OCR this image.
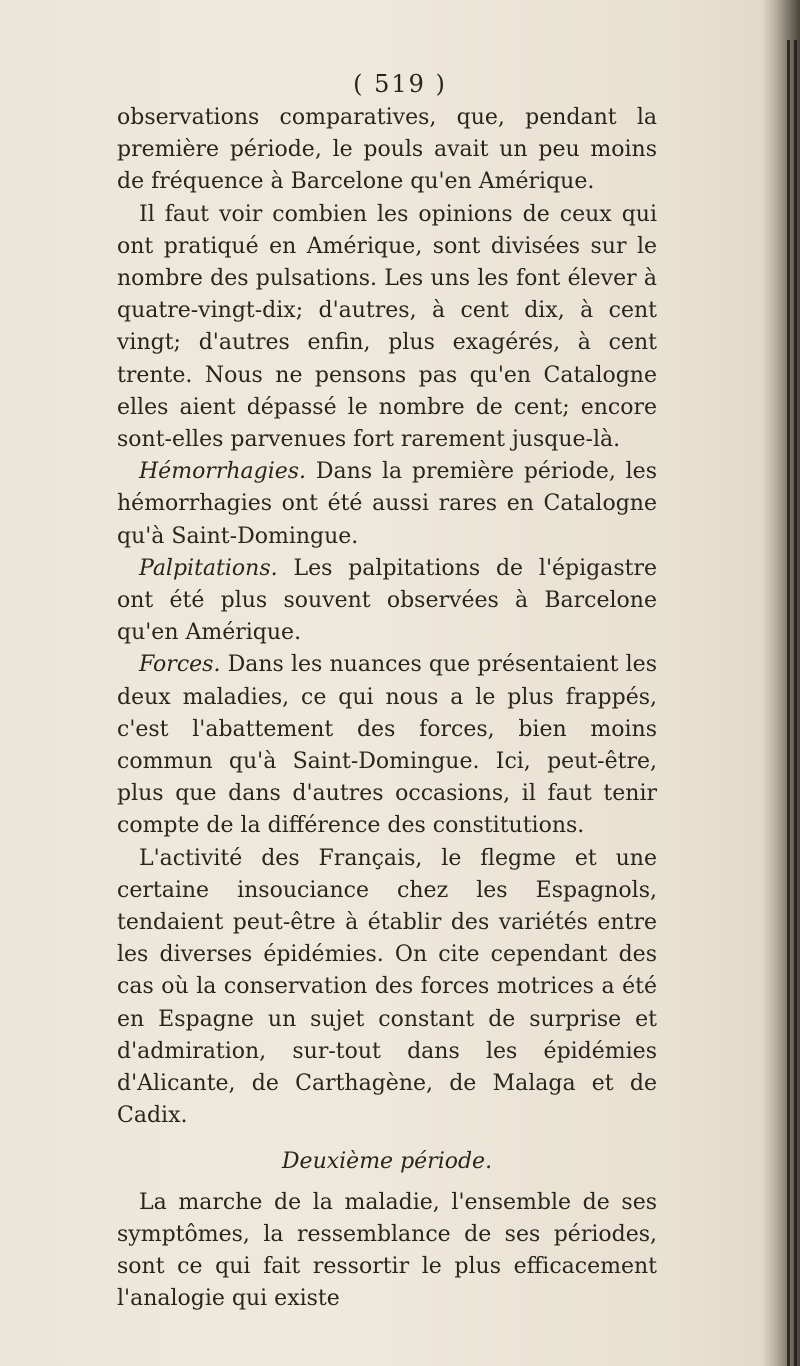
( 519 )

observations comparatives, que, pendant la première période, le pouls avait un peu moins de fréquence à Barcelone qu'en Amérique.

Il faut voir combien les opinions de ceux qui ont pratiqué en Amérique, sont divisées sur le nombre des pulsations. Les uns les font élever à quatre-vingt-dix; d'autres, à cent dix, à cent vingt; d'autres enfin, plus exagérés, à cent trente. Nous ne pensons pas qu'en Catalogne elles aient dépassé le nombre de cent; encore sont-elles parvenues fort rarement jusque-là.

Hémorrhagies. Dans la première période, les hémorrhagies ont été aussi rares en Catalogne qu'à Saint-Domingue.

Palpitations. Les palpitations de l'épigastre ont été plus souvent observées à Barcelone qu'en Amérique.

Forces. Dans les nuances que présentaient les deux maladies, ce qui nous a le plus frappés, c'est l'abattement des forces, bien moins commun qu'à Saint-Domingue. Ici, peut-être, plus que dans d'autres occasions, il faut tenir compte de la différence des constitutions.

L'activité des Français, le flegme et une certaine insouciance chez les Espagnols, tendaient peut-être à établir des variétés entre les diverses épidémies. On cite cependant des cas où la conservation des forces motrices a été en Espagne un sujet constant de surprise et d'admiration, sur-tout dans les épidémies d'Alicante, de Carthagène, de Malaga et de Cadix.

Deuxième période.

La marche de la maladie, l'ensemble de ses symptômes, la ressemblance de ses périodes, sont ce qui fait ressortir le plus efficacement l'analogie qui existe
